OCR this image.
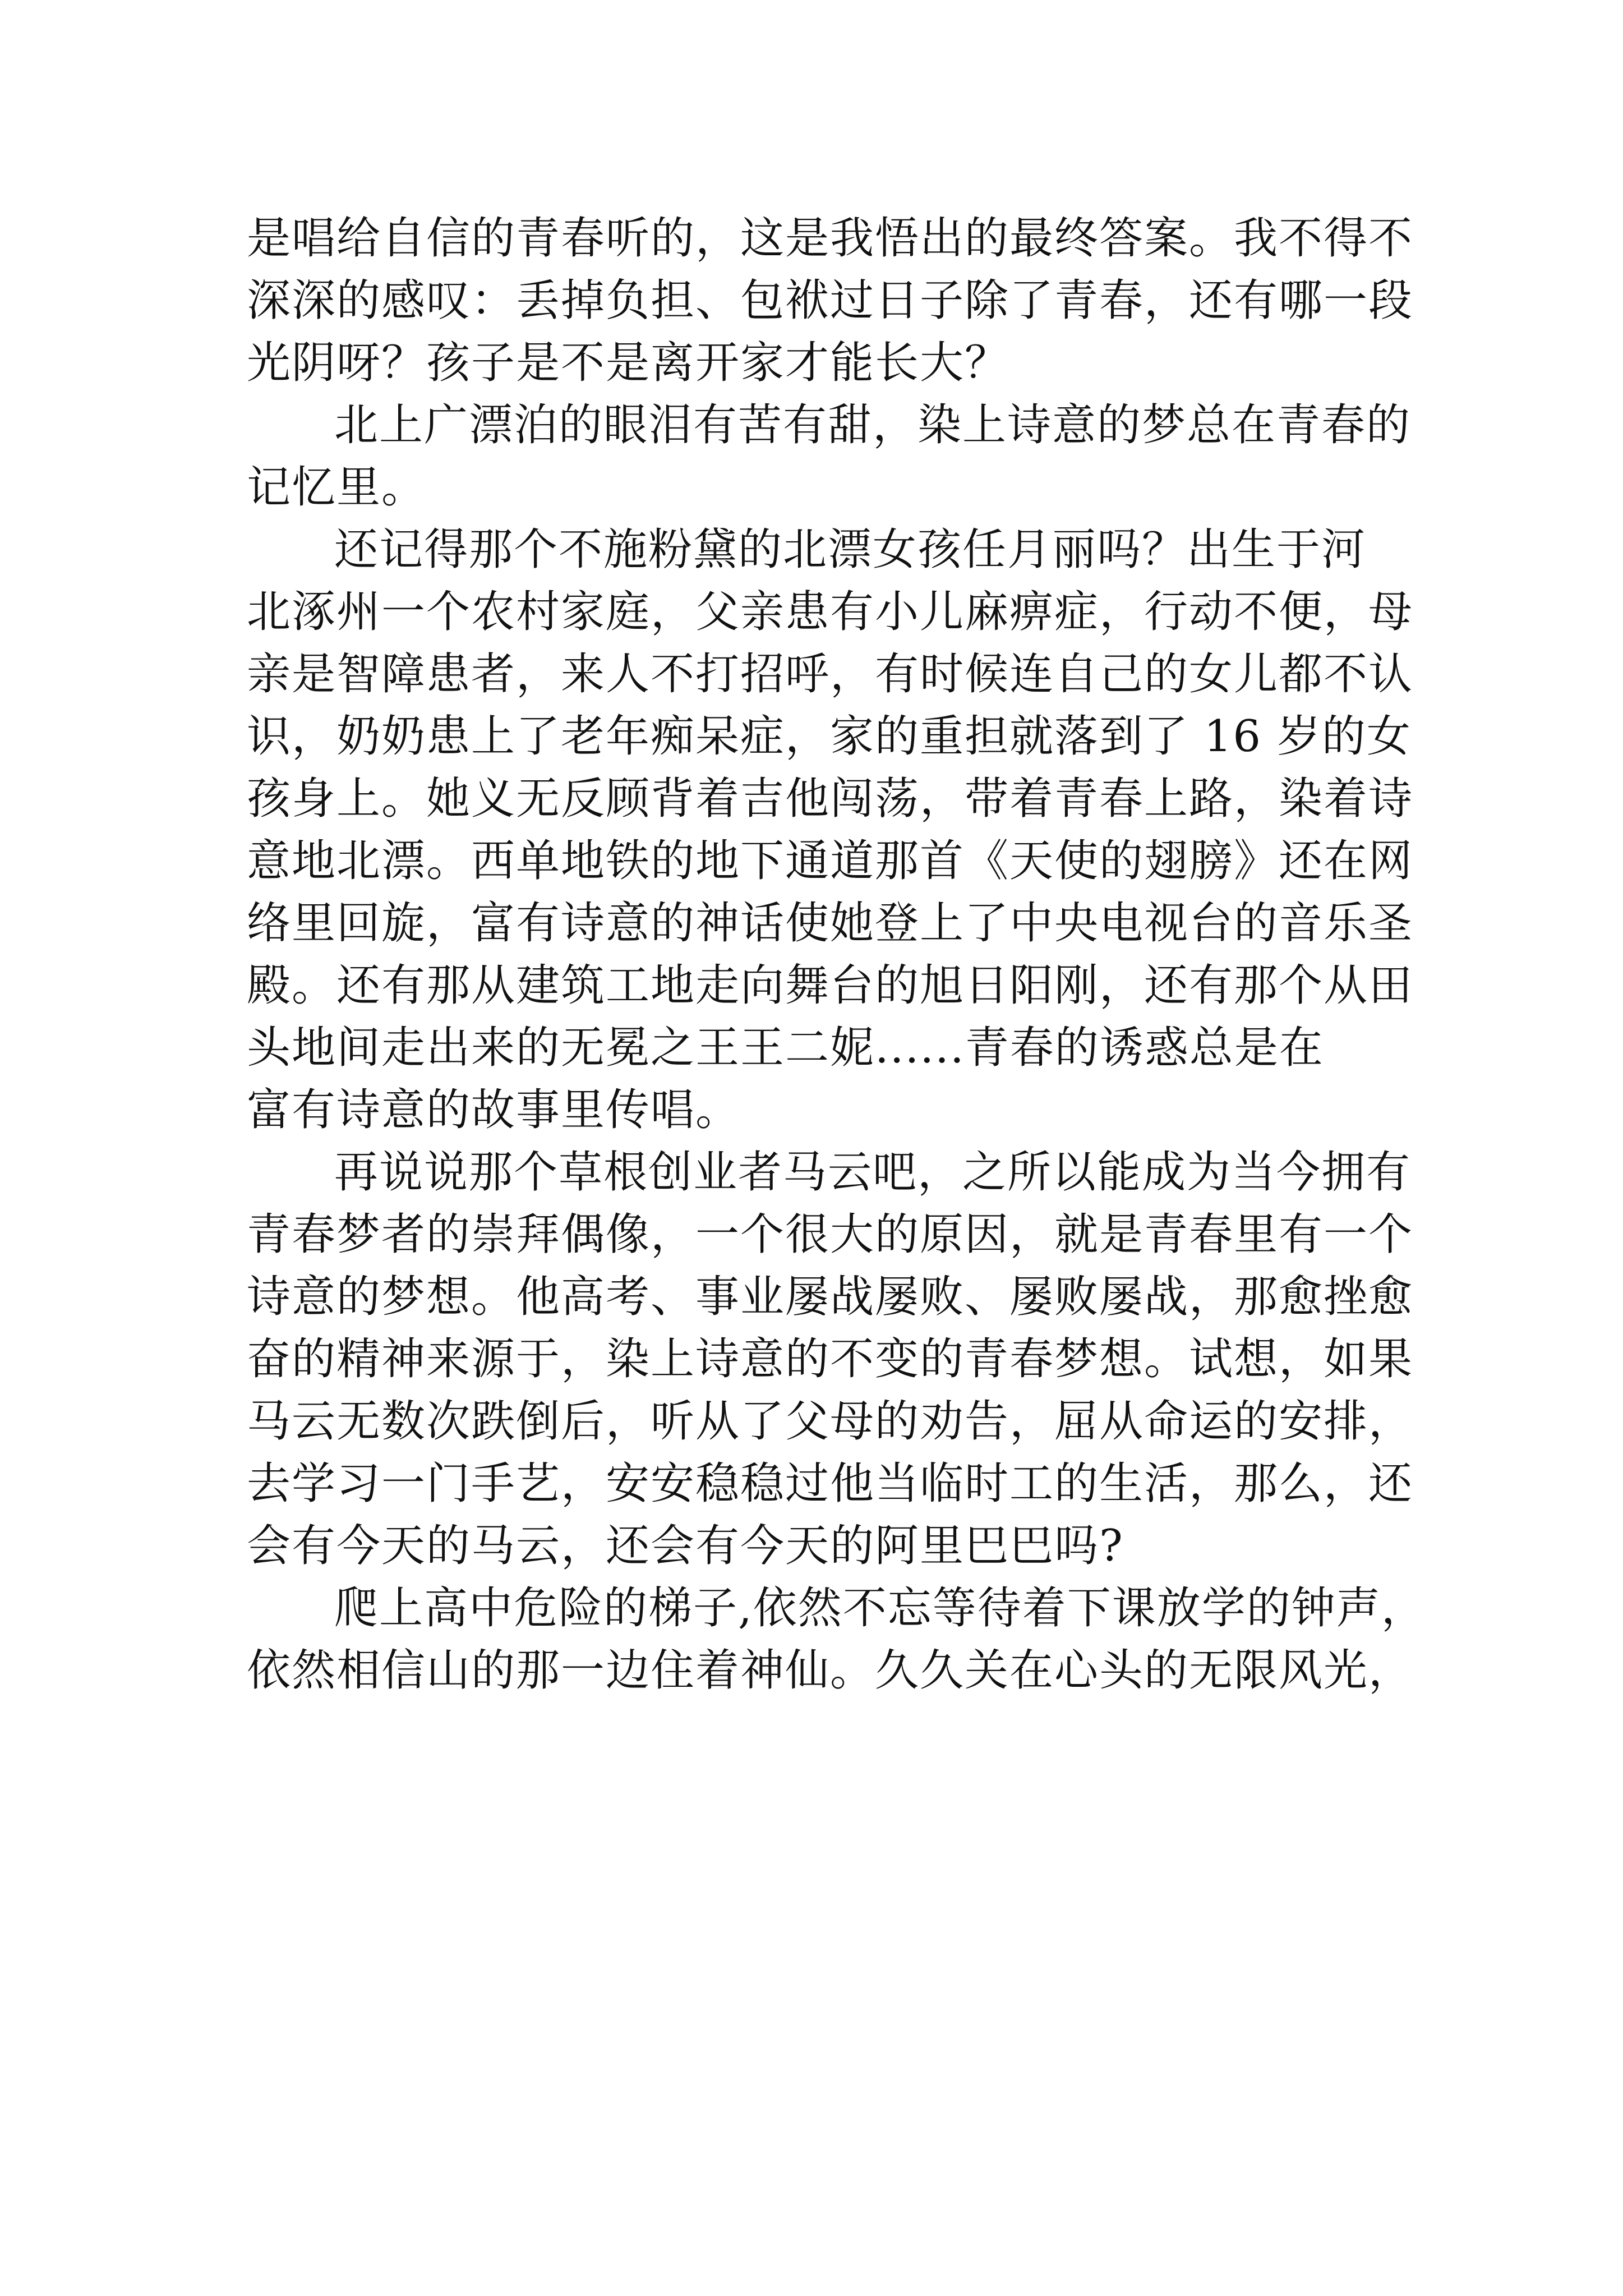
是唱给自信的青春听的，这是我悟出的最终答案。我不得不
深深的感叹：丢掉负担、包袱过日子除了青春，还有哪一段
光阴呀？孩子是不是离开家才能长大？
北上广漂泊的眼泪有苦有甜，染上诗意的梦总在青春的
记忆里。
还记得那个不施粉黛的北漂女孩任月丽吗？出生于河
北涿州一个农村家庭，父亲患有小儿麻痹症，行动不便，母
亲是智障患者，来人不打招呼，有时候连自己的女儿都不认
识，奶奶患上了老年痴呆症，家的重担就落到了 16 岁的女
孩身上。她义无反顾背着吉他闯荡，带着青春上路，染着诗
意地北漂。西单地铁的地下通道那首《天使的翅膀》还在网
络里回旋，富有诗意的神话使她登上了中央电视台的音乐圣
殿。还有那从建筑工地走向舞台的旭日阳刚，还有那个从田
头地间走出来的无冕之王王二妮......青春的诱惑总是在
富有诗意的故事里传唱。
再说说那个草根创业者马云吧，之所以能成为当今拥有
青春梦者的崇拜偶像，一个很大的原因，就是青春里有一个
诗意的梦想。他高考、事业屡战屡败、屡败屡战，那愈挫愈
奋的精神来源于，染上诗意的不变的青春梦想。试想，如果
马云无数次跌倒后，听从了父母的劝告，屈从命运的安排，
去学习一门手艺，安安稳稳过他当临时工的生活，那么，还
会有今天的马云，还会有今天的阿里巴巴吗?
爬上高中危险的梯子,依然不忘等待着下课放学的钟声，
依然相信山的那一边住着神仙。久久关在心头的无限风光，
